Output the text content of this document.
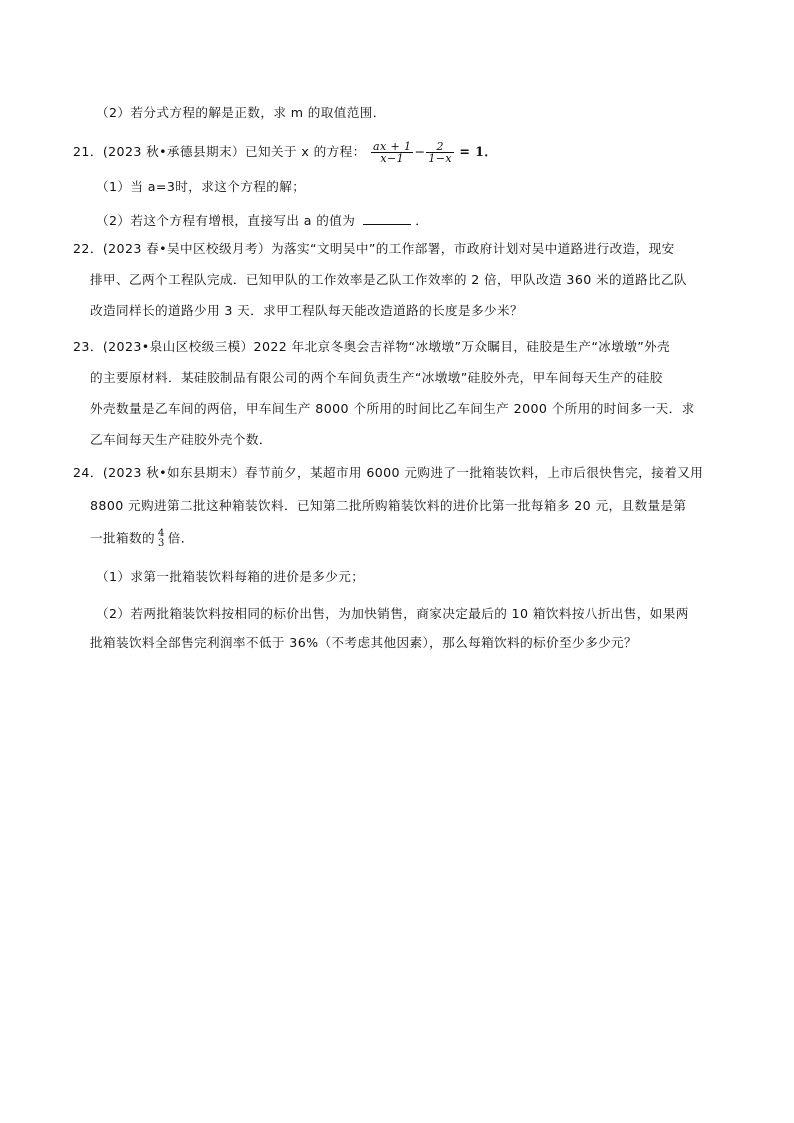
（2）若分式方程的解是正数，求 m 的取值范围．
21．(2023 秋•承德县期末）已知关于 x 的方程： $\frac{ax + 1}{x-1} - \frac{2}{1-x} = 1$．
（1）当 a=3时，求这个方程的解；
（2）若这个方程有增根，直接写出 a 的值为	．
22．(2023 春•吴中区校级月考）为落实“文明吴中”的工作部署，市政府计划对吴中道路进行改造，现安
排甲、乙两个工程队完成．已知甲队的工作效率是乙队工作效率的 2 倍，甲队改造 360 米的道路比乙队
改造同样长的道路少用 3 天．求甲工程队每天能改造道路的长度是多少米？
23．(2023•泉山区校级三模）2022 年北京冬奥会吉祥物“冰墩墩”万众瞩目，硅胶是生产“冰墩墩”外壳
的主要原材料．某硅胶制品有限公司的两个车间负责生产“冰墩墩”硅胶外壳，甲车间每天生产的硅胶
外壳数量是乙车间的两倍，甲车间生产 8000 个所用的时间比乙车间生产 2000 个所用的时间多一天．求
乙车间每天生产硅胶外壳个数．
24．(2023 秋•如东县期末）春节前夕，某超市用 6000 元购进了一批箱装饮料，上市后很快售完，接着又用
8800 元购进第二批这种箱装饮料．已知第二批所购箱装饮料的进价比第一批每箱多 20 元，且数量是第
一批箱数的 4
3 倍．
（1）求第一批箱装饮料每箱的进价是多少元；
（2）若两批箱装饮料按相同的标价出售，为加快销售，商家决定最后的 10 箱饮料按八折出售，如果两
批箱装饮料全部售完利润率不低于 36%（不考虑其他因素），那么每箱饮料的标价至少多少元？
